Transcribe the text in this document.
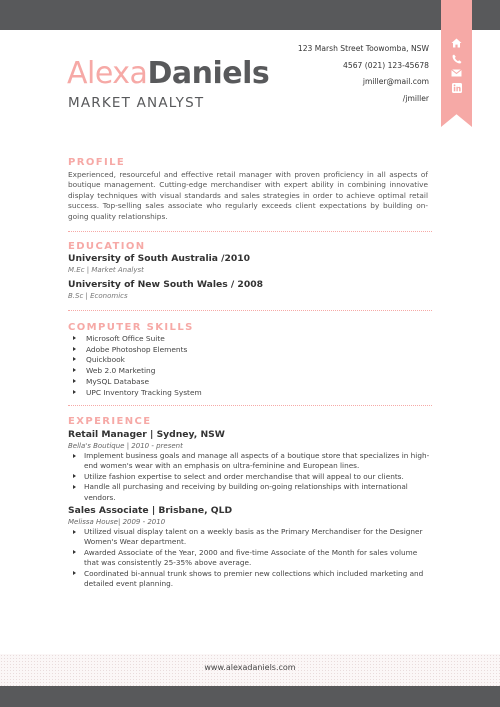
AlexaDaniels
MARKET ANALYST
123 Marsh Street Toowomba, NSW
4567 (021) 123-45678
jmiller@mail.com
/jmiller
PROFILE
Experienced, resourceful and effective retail manager with proven proficiency in all aspects of boutique management. Cutting-edge merchandiser with expert ability in combining innovative display techniques with visual standards and sales strategies in order to achieve optimal retail success. Top-selling sales associate who regularly exceeds client expectations by building on-going quality relationships.
EDUCATION
University of South Australia /2010
M.Ec | Market Analyst
University of New South Wales / 2008
B.Sc | Economics
COMPUTER SKILLS
Microsoft Office Suite
Adobe Photoshop Elements
Quickbook
Web 2.0 Marketing
MySQL Database
UPC Inventory Tracking System
EXPERIENCE
Retail Manager | Sydney, NSW
Bella's Boutique | 2010 - present
Implement business goals and manage all aspects of a boutique store that specializes in high-end women's wear with an emphasis on ultra-feminine and European lines.
Utilize fashion expertise to select and order merchandise that will appeal to our clients.
Handle all purchasing and receiving by building on-going relationships with international vendors.
Sales Associate | Brisbane, QLD
Melissa House| 2009 - 2010
Utilized visual display talent on a weekly basis as the Primary Merchandiser for the Designer Women's Wear department.
Awarded Associate of the Year, 2000 and five-time Associate of the Month for sales volume that was consistently 25-35% above average.
Coordinated bi-annual trunk shows to premier new collections which included marketing and detailed event planning.
www.alexadaniels.com
